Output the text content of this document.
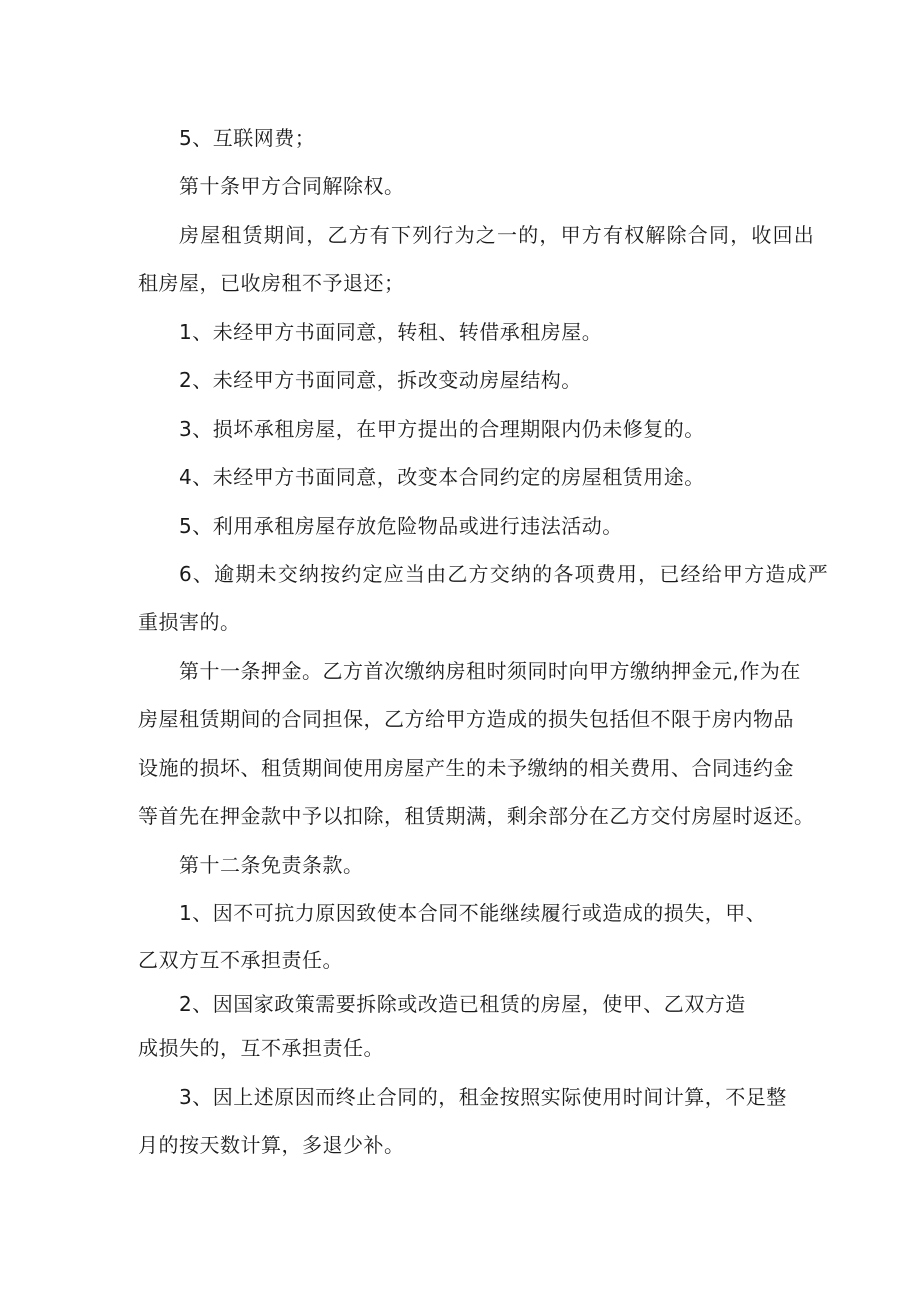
5、互联网费；
第十条甲方合同解除权。
房屋租赁期间，乙方有下列行为之一的，甲方有权解除合同，收回出
租房屋，已收房租不予退还；
1、未经甲方书面同意，转租、转借承租房屋。
2、未经甲方书面同意，拆改变动房屋结构。
3、损坏承租房屋，在甲方提出的合理期限内仍未修复的。
4、未经甲方书面同意，改变本合同约定的房屋租赁用途。
5、利用承租房屋存放危险物品或进行违法活动。
6、逾期未交纳按约定应当由乙方交纳的各项费用，已经给甲方造成严
重损害的。
第十一条押金。乙方首次缴纳房租时须同时向甲方缴纳押金元,作为在
房屋租赁期间的合同担保，乙方给甲方造成的损失包括但不限于房内物品
设施的损坏、租赁期间使用房屋产生的未予缴纳的相关费用、合同违约金
等首先在押金款中予以扣除，租赁期满，剩余部分在乙方交付房屋时返还。
第十二条免责条款。
1、因不可抗力原因致使本合同不能继续履行或造成的损失，甲、
乙双方互不承担责任。
2、因国家政策需要拆除或改造已租赁的房屋，使甲、乙双方造
成损失的，互不承担责任。
3、因上述原因而终止合同的，租金按照实际使用时间计算，不足整
月的按天数计算，多退少补。
